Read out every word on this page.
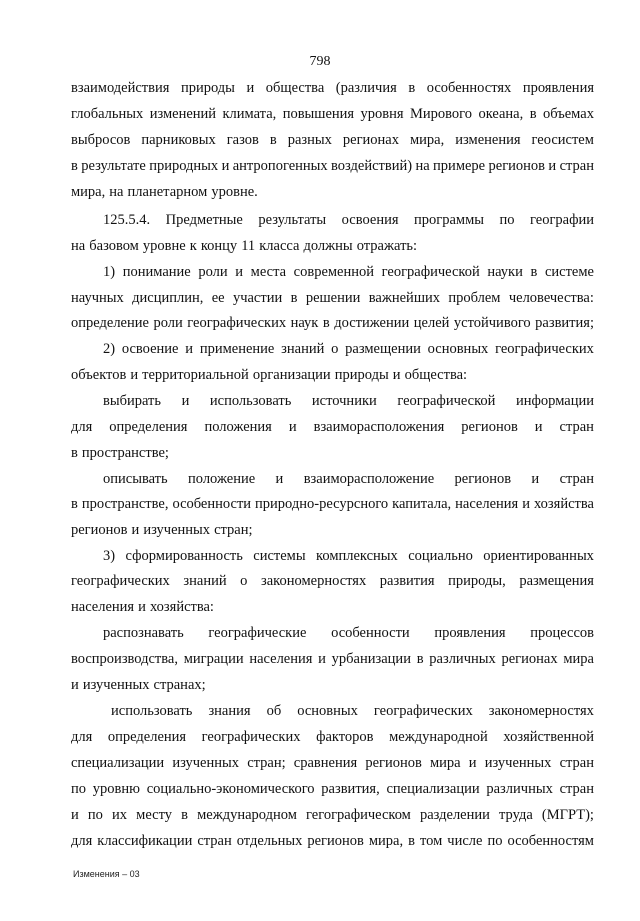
798
взаимодействия природы и общества (различия в особенностях проявления
глобальных изменений климата, повышения уровня Мирового океана, в объемах
выбросов парниковых газов в разных регионах мира, изменения геосистем
в результате природных и антропогенных воздействий) на примере регионов и стран
мира, на планетарном уровне.
125.5.4. Предметные результаты освоения программы по географии
на базовом уровне к концу 11 класса должны отражать:
1) понимание роли и места современной географической науки в системе
научных дисциплин, ее участии в решении важнейших проблем человечества:
определение роли географических наук в достижении целей устойчивого развития;
2) освоение и применение знаний о размещении основных географических
объектов и территориальной организации природы и общества:
выбирать и использовать источники географической информации
для определения положения и взаиморасположения регионов и стран
в пространстве;
описывать положение и взаиморасположение регионов и стран
в пространстве, особенности природно-ресурсного капитала, населения и хозяйства
регионов и изученных стран;
3) сформированность системы комплексных социально ориентированных
географических знаний о закономерностях развития природы, размещения
населения и хозяйства:
распознавать географические особенности проявления процессов
воспроизводства, миграции населения и урбанизации в различных регионах мира
и изученных странах;
использовать знания об основных географических закономерностях
для определения географических факторов международной хозяйственной
специализации изученных стран; сравнения регионов мира и изученных стран
по уровню социально-экономического развития, специализации различных стран
и по их месту в международном гегографическом разделении труда (МГРТ);
для классификации стран отдельных регионов мира, в том числе по особенностям
Изменения – 03
